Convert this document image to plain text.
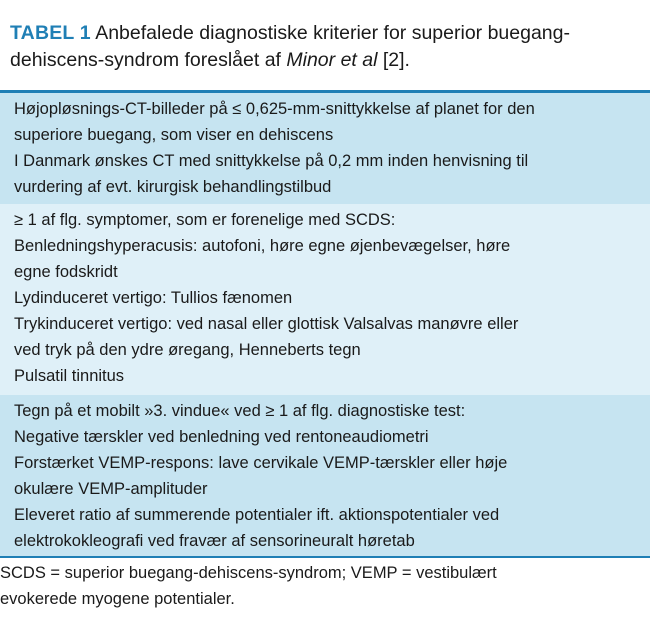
TABEL 1 Anbefalede diagnostiske kriterier for superior buegang-dehiscens-syndrom foreslået af Minor et al [2].
Højopløsnings-CT-billeder på ≤ 0,625-mm-snittykkelse af planet for den
superiore buegang, som viser en dehiscens
I Danmark ønskes CT med snittykkelse på 0,2 mm inden henvisning til
vurdering af evt. kirurgisk behandlingstilbud
≥ 1 af flg. symptomer, som er forenelige med SCDS:
Benledningshyperacusis: autofoni, høre egne øjenbevægelser, høre
egne fodskridt
Lydinduceret vertigo: Tullios fænomen
Trykinduceret vertigo: ved nasal eller glottisk Valsalvas manøvre eller
ved tryk på den ydre øregang, Henneberts tegn
Pulsatil tinnitus
Tegn på et mobilt »3. vindue« ved ≥ 1 af flg. diagnostiske test:
Negative tærskler ved benledning ved rentoneaudiometri
Forstærket VEMP-respons: lave cervikale VEMP-tærskler eller høje
okulære VEMP-amplituder
Eleveret ratio af summerende potentialer ift. aktionspotentialer ved
elektrokokleografi ved fravær af sensorineuralt høretab
SCDS = superior buegang-dehiscens-syndrom; VEMP = vestibulært
evokerede myogene potentialer.
